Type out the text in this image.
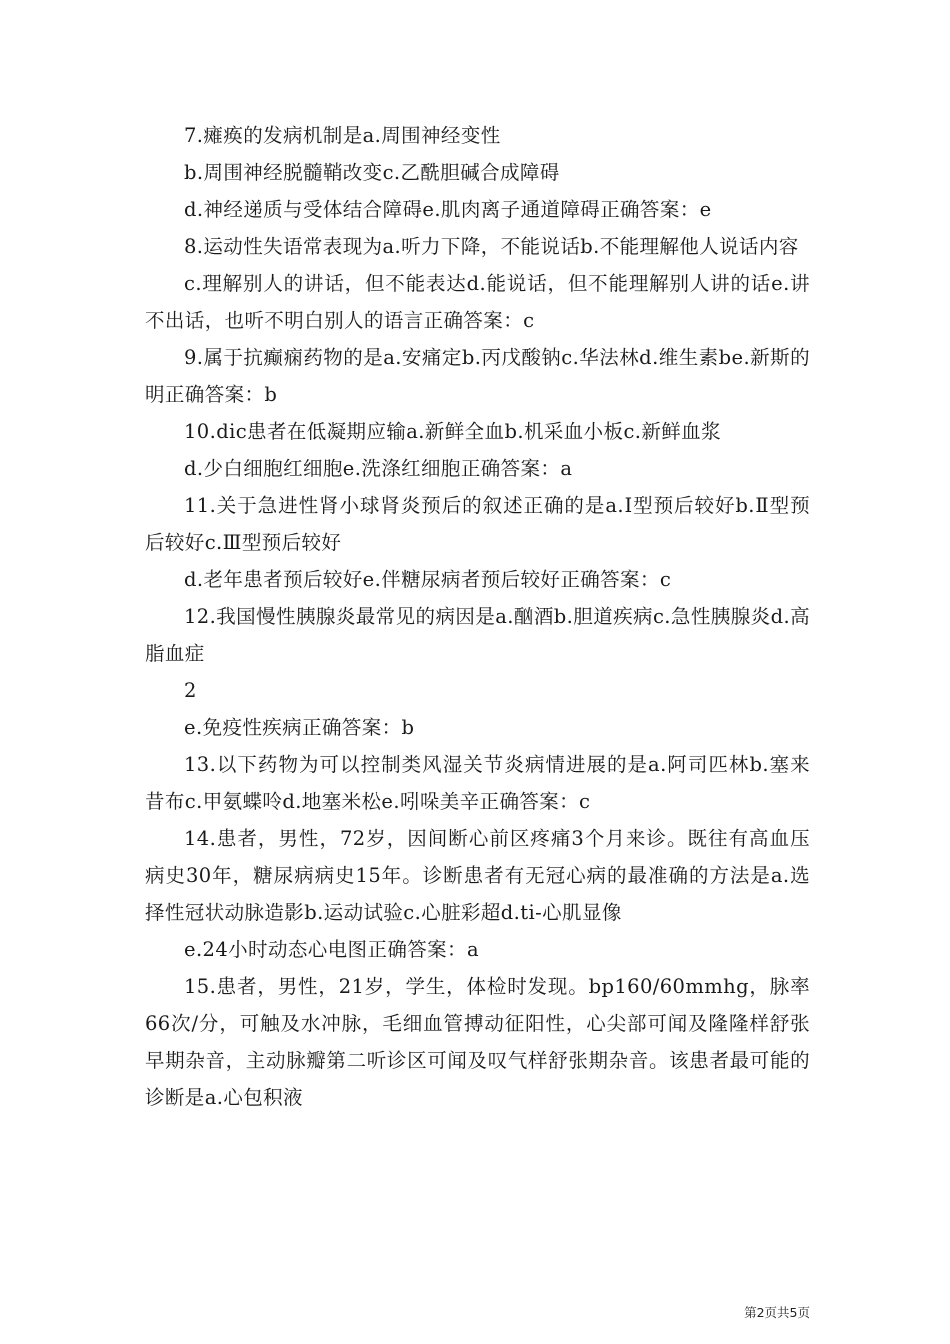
7.瘫痪的发病机制是a.周围神经变性

b.周围神经脱髓鞘改变c.乙酰胆碱合成障碍

d.神经递质与受体结合障碍e.肌肉离子通道障碍正确答案：e

8.运动性失语常表现为a.听力下降，不能说话b.不能理解他人说话内容

c.理解别人的讲话，但不能表达d.能说话，但不能理解别人讲的话e.讲不出话，也听不明白别人的语言正确答案：c

9.属于抗癫痫药物的是a.安痛定b.丙戊酸钠c.华法林d.维生素be.新斯的明正确答案：b

10.dic患者在低凝期应输a.新鲜全血b.机采血小板c.新鲜血浆

d.少白细胞红细胞e.洗涤红细胞正确答案：a

11.关于急进性肾小球肾炎预后的叙述正确的是a.Ⅰ型预后较好b.Ⅱ型预后较好c.Ⅲ型预后较好

d.老年患者预后较好e.伴糖尿病者预后较好正确答案：c

12.我国慢性胰腺炎最常见的病因是a.酗酒b.胆道疾病c.急性胰腺炎d.高脂血症

2

e.免疫性疾病正确答案：b

13.以下药物为可以控制类风湿关节炎病情进展的是a.阿司匹林b.塞来昔布c.甲氨蝶呤d.地塞米松e.吲哚美辛正确答案：c

14.患者，男性，72岁，因间断心前区疼痛3个月来诊。既往有高血压病史30年，糖尿病病史15年。诊断患者有无冠心病的最准确的方法是a.选择性冠状动脉造影b.运动试验c.心脏彩超d.ti-心肌显像

e.24小时动态心电图正确答案：a

15.患者，男性，21岁，学生，体检时发现。bp160/60mmhg，脉率66次/分，可触及水冲脉，毛细血管搏动征阳性，心尖部可闻及隆隆样舒张早期杂音，主动脉瓣第二听诊区可闻及叹气样舒张期杂音。该患者最可能的诊断是a.心包积液

第2页共5页
